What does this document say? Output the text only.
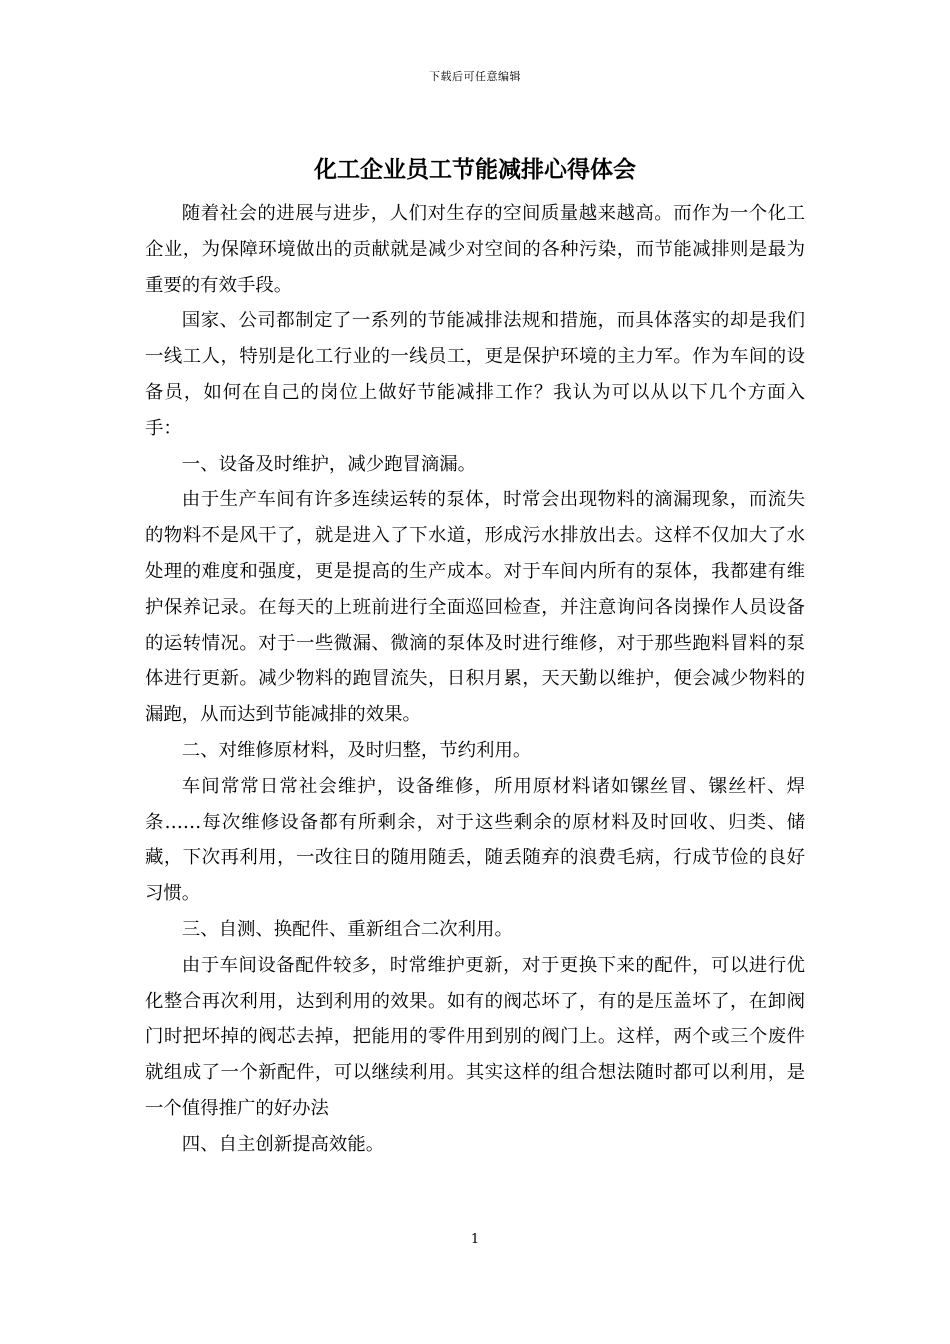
下载后可任意编辑
化工企业员工节能减排心得体会

随着社会的进展与进步，人们对生存的空间质量越来越高。而作为一个化工企业，为保障环境做出的贡献就是减少对空间的各种污染，而节能减排则是最为重要的有效手段。

国家、公司都制定了一系列的节能减排法规和措施，而具体落实的却是我们一线工人，特别是化工行业的一线员工，更是保护环境的主力军。作为车间的设备员，如何在自己的岗位上做好节能减排工作？我认为可以从以下几个方面入手：

一、设备及时维护，减少跑冒滴漏。

由于生产车间有许多连续运转的泵体，时常会出现物料的滴漏现象，而流失的物料不是风干了，就是进入了下水道，形成污水排放出去。这样不仅加大了水处理的难度和强度，更是提高的生产成本。对于车间内所有的泵体，我都建有维护保养记录。在每天的上班前进行全面巡回检查，并注意询问各岗操作人员设备的运转情况。对于一些微漏、微滴的泵体及时进行维修，对于那些跑料冒料的泵体进行更新。减少物料的跑冒流失，日积月累，天天勤以维护，便会减少物料的漏跑，从而达到节能减排的效果。

二、对维修原材料，及时归整，节约利用。

车间常常日常社会维护，设备维修，所用原材料诸如镙丝冒、镙丝杆、焊条……每次维修设备都有所剩余，对于这些剩余的原材料及时回收、归类、储藏，下次再利用，一改往日的随用随丢，随丢随弃的浪费毛病，行成节俭的良好习惯。

三、自测、换配件、重新组合二次利用。

由于车间设备配件较多，时常维护更新，对于更换下来的配件，可以进行优化整合再次利用，达到利用的效果。如有的阀芯坏了，有的是压盖坏了，在卸阀门时把坏掉的阀芯去掉，把能用的零件用到别的阀门上。这样，两个或三个废件就组成了一个新配件，可以继续利用。其实这样的组合想法随时都可以利用，是一个值得推广的好办法

四、自主创新提高效能。

1
